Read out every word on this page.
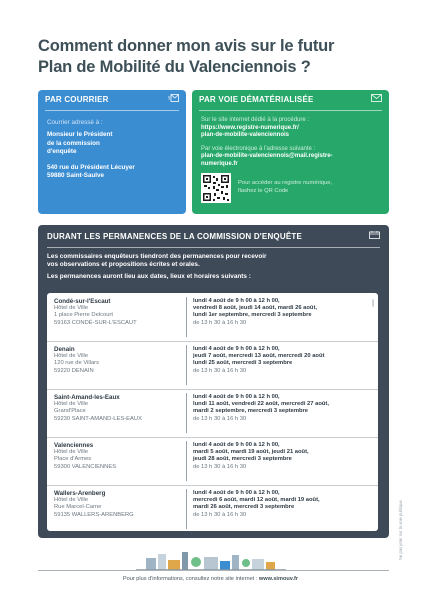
Comment donner mon avis sur le futur
Plan de Mobilité du Valenciennois ?
PAR COURRIER
Courrier adressé à :
Monsieur le Président
de la commission
d'enquête
540 rue du Président Lécuyer
59880 Saint-Saulve
PAR VOIE DÉMATÉRIALISÉE
Sur le site internet dédié à la procédure :
https://www.registre-numerique.fr/
plan-de-mobilite-valenciennois
Par voie électronique à l'adresse suivante :
plan-de-mobilite-valenciennois@mail.registre-
numerique.fr
Pour accéder au registre numérique,
flashez le QR Code
DURANT LES PERMANENCES DE LA COMMISSION D'ENQUÊTE
Les commissaires enquêteurs tiendront des permanences pour recevoir
vos observations et propositions écrites et orales.
Les permanences auront lieu aux dates, lieux et horaires suivants :
Condé-sur-l'Escaut
Hôtel de Ville
1 place Pierre Delcourt
59163 CONDÉ-SUR-L'ESCAUT
lundi 4 août de 9 h 00 à 12 h 00,
vendredi 8 août, jeudi 14 août, mardi 26 août,
lundi 1er septembre, mercredi 3 septembre
de 13 h 30 à 16 h 30
Denain
Hôtel de Ville
120 rue de Villars
59220 DENAIN
lundi 4 août de 9 h 00 à 12 h 00,
jeudi 7 août, mercredi 13 août, mercredi 20 août
lundi 25 août, mercredi 3 septembre
de 13 h 30 à 16 h 30
Saint-Amand-les-Eaux
Hôtel de Ville
Grand'Place
59230 SAINT-AMAND-LES-EAUX
lundi 4 août de 9 h 00 à 12 h 00,
lundi 11 août, vendredi 22 août, mercredi 27 août,
mardi 2 septembre, mercredi 3 septembre
de 13 h 30 à 16 h 30
Valenciennes
Hôtel de Ville
Place d'Armes
59300 VALENCIENNES
lundi 4 août de 9 h 00 à 12 h 00,
mardi 5 août, mardi 19 août, jeudi 21 août,
jeudi 28 août, mercredi 3 septembre
de 13 h 30 à 16 h 30
Wallers-Arenberg
Hôtel de Ville
Rue Marcel-Carne
59135 WALLERS-ARENBERG
lundi 4 août de 9 h 00 à 12 h 00,
mercredi 6 août, mardi 12 août, mardi 19 août,
mardi 26 août, mercredi 3 septembre
de 13 h 30 à 16 h 30	Ne pas jeter sur la voie publique
Pour plus d'informations, consultez notre site internet : www.simouv.fr
